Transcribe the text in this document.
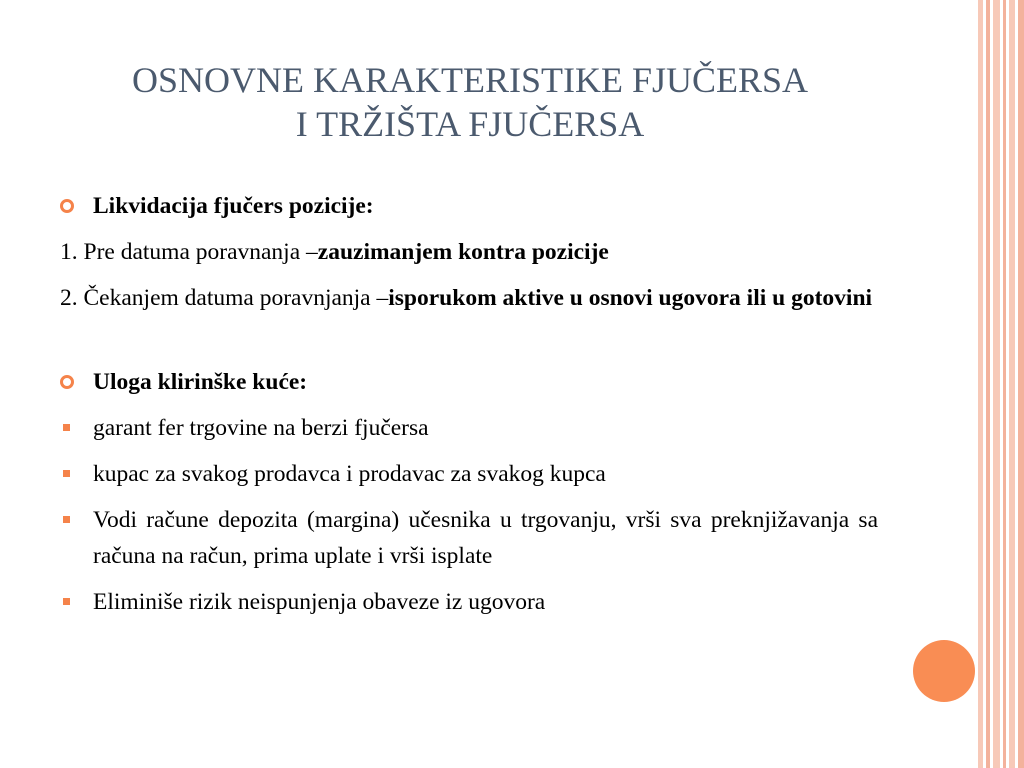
OSNOVNE KARAKTERISTIKE FJUČERSA
I TRŽIŠTA FJUČERSA
Likvidacija fjučers pozicije:
1. Pre datuma poravnanja –zauzimanjem kontra pozicije
2. Čekanjem datuma poravnjanja –isporukom aktive u osnovi ugovora ili u gotovini
Uloga klirinške kuće:
garant fer trgovine na berzi fjučersa
kupac za svakog prodavca i prodavac za svakog kupca
Vodi račune depozita (margina) učesnika u trgovanju, vrši sva preknjižavanja sa računa na račun, prima uplate i vrši isplate
Eliminiše rizik neispunjenja obaveze iz ugovora
